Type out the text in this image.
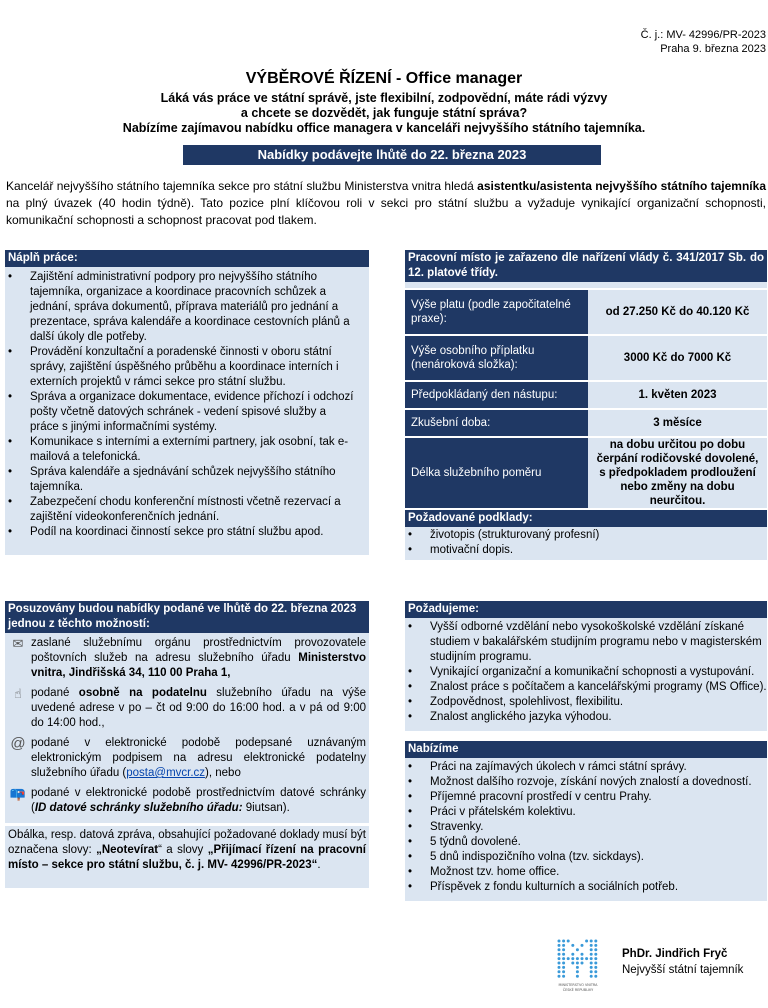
Č. j.: MV- 42996/PR-2023
Praha 9. března 2023
VÝBĚROVÉ ŘÍZENÍ - Office manager
Láká vás práce ve státní správě, jste flexibilní, zodpovědní, máte rádi výzvy
a chcete se dozvědět, jak funguje státní správa?
Nabízíme zajímavou nabídku office managera v kanceláři nejvyššího státního tajemníka.
Nabídky podávejte lhůtě do 22. března 2023
Kancelář nejvyššího státního tajemníka sekce pro státní službu Ministerstva vnitra hledá asistentku/asistenta nejvyššího státního tajemníka na plný úvazek (40 hodin týdně). Tato pozice plní klíčovou roli v sekci pro státní službu a vyžaduje vynikající organizační schopnosti, komunikační schopnosti a schopnost pracovat pod tlakem.
Náplň práce:
• Zajištění administrativní podpory pro nejvyššího státního tajemníka, organizace a koordinace pracovních schůzek a jednání, správa dokumentů, příprava materiálů pro jednání a prezentace, správa kalendáře a koordinace cestovních plánů a další úkoly dle potřeby.
• Provádění konzultační a poradenské činnosti v oboru státní správy, zajištění úspěšného průběhu a koordinace interních i externích projektů v rámci sekce pro státní službu.
• Správa a organizace dokumentace, evidence příchozí i odchozí pošty včetně datových schránek - vedení spisové služby a práce s jinými informačními systémy.
• Komunikace s interními a externími partnery, jak osobní, tak e-mailová a telefonická.
• Správa kalendáře a sjednávání schůzek nejvyššího státního tajemníka.
• Zabezpečení chodu konferenční místnosti včetně rezervací a zajištění videokonferenčních jednání.
• Podíl na koordinaci činností sekce pro státní službu apod.
Pracovní místo je zařazeno dle nařízení vlády č. 341/2017 Sb. do 12. platové třídy.
Výše platu (podle započitatelné praxe):	od 27.250 Kč do 40.120 Kč
Výše osobního příplatku (nenároková složka):	3000 Kč do 7000 Kč
Předpokládaný den nástupu:	1. květen 2023
Zkušební doba:	3 měsíce
Délka služebního poměru	na dobu určitou po dobu čerpání rodičovské dovolené, s předpokladem prodloužení nebo změny na dobu neurčitou.
Požadované podklady:
• životopis (strukturovaný profesní)
• motivační dopis.
Posuzovány budou nabídky podané ve lhůtě do 22. března 2023 jednou z těchto možností:
✉ zaslané služebnímu orgánu prostřednictvím provozovatele poštovních služeb na adresu služebního úřadu Ministerstvo vnitra, Jindřišská 34, 110 00 Praha 1,
☝ podané osobně na podatelnu služebního úřadu na výše uvedené adrese v po – čt od 9:00 do 16:00 hod. a v pá od 9:00 do 14:00 hod.,
@ podané v elektronické podobě podepsané uznávaným elektronickým podpisem na adresu elektronické podatelny služebního úřadu (posta@mvcr.cz), nebo
📪 podané v elektronické podobě prostřednictvím datové schránky (ID datové schránky služebního úřadu: 9iutsan).
Obálka, resp. datová zpráva, obsahující požadované doklady musí být označena slovy: „Neotevírat“ a slovy „Přijímací řízení na pracovní místo – sekce pro státní službu, č. j. MV- 42996/PR-2023“.
Požadujeme:
• Vyšší odborné vzdělání nebo vysokoškolské vzdělání získané studiem v bakalářském studijním programu nebo v magisterském studijním programu.
• Vynikající organizační a komunikační schopnosti a vystupování.
• Znalost práce s počítačem a kancelářskými programy (MS Office).
• Zodpovědnost, spolehlivost, flexibilitu.
• Znalost anglického jazyka výhodou.
Nabízíme
• Práci na zajímavých úkolech v rámci státní správy.
• Možnost dalšího rozvoje, získání nových znalostí a dovedností.
• Příjemné pracovní prostředí v centru Prahy.
• Práci v přátelském kolektivu.
• Stravenky.
• 5 týdnů dovolené.
• 5 dnů indispozičního volna (tzv. sickdays).
• Možnost tzv. home office.
• Příspěvek z fondu kulturních a sociálních potřeb.
MINISTERSTVO VNITRA
ČESKÉ REPUBLIKY
PhDr. Jindřich Fryč
Nejvyšší státní tajemník
